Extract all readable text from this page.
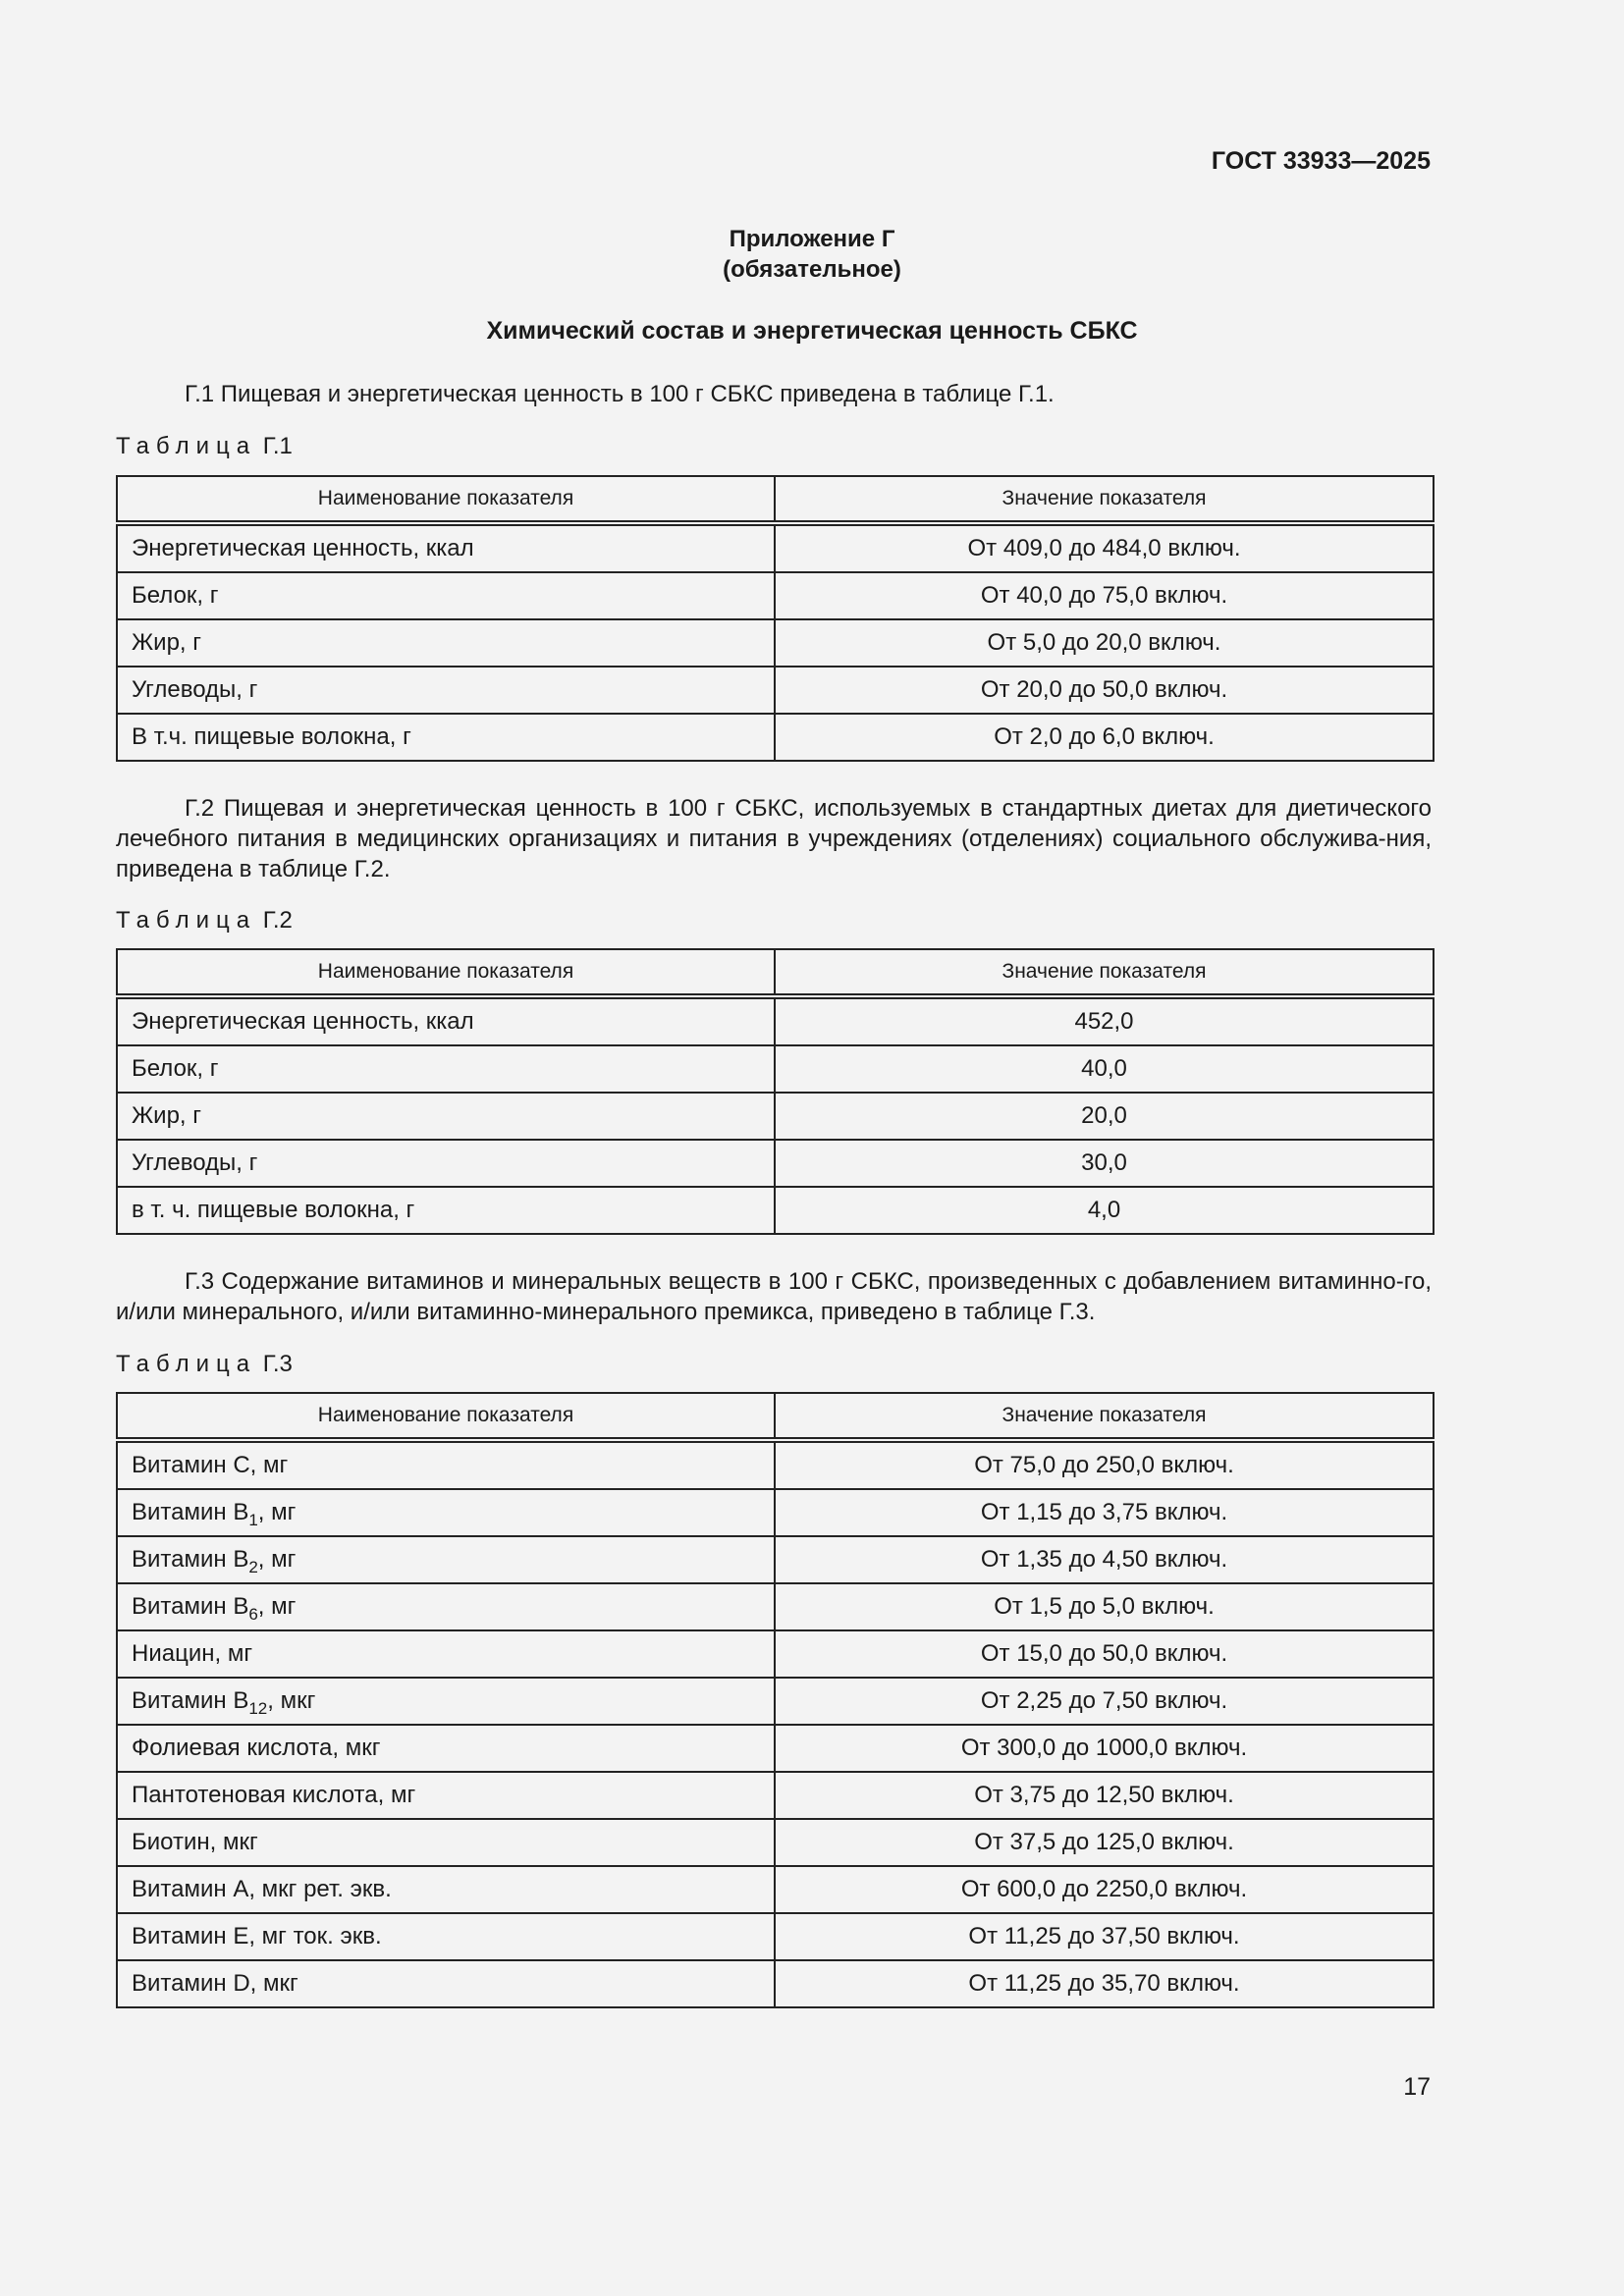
ГОСТ 33933—2025

Приложение Г
(обязательное)

Химический состав и энергетическая ценность СБКС

Г.1 Пищевая и энергетическая ценность в 100 г СБКС приведена в таблице Г.1.

Таблица Г.1

Наименование показателя	Значение показателя
Энергетическая ценность, ккал	От 409,0 до 484,0 включ.
Белок, г	От 40,0 до 75,0 включ.
Жир, г	От 5,0 до 20,0 включ.
Углеводы, г	От 20,0 до 50,0 включ.
В т.ч. пищевые волокна, г	От 2,0 до 6,0 включ.

Г.2 Пищевая и энергетическая ценность в 100 г СБКС, используемых в стандартных диетах для диетического лечебного питания в медицинских организациях и питания в учреждениях (отделениях) социального обслужива-ния, приведена в таблице Г.2.

Таблица Г.2

Наименование показателя	Значение показателя
Энергетическая ценность, ккал	452,0
Белок, г	40,0
Жир, г	20,0
Углеводы, г	30,0
в т. ч. пищевые волокна, г	4,0

Г.3 Содержание витаминов и минеральных веществ в 100 г СБКС, произведенных с добавлением витаминно-го, и/или минерального, и/или витаминно-минерального премикса, приведено в таблице Г.3.

Таблица Г.3

Наименование показателя	Значение показателя
Витамин C, мг	От 75,0 до 250,0 включ.
Витамин $B_1$, мг	От 1,15 до 3,75 включ.
Витамин $B_2$, мг	От 1,35 до 4,50 включ.
Витамин $B_6$, мг	От 1,5 до 5,0 включ.
Ниацин, мг	От 15,0 до 50,0 включ.
Витамин $B_{12}$, мкг	От 2,25 до 7,50 включ.
Фолиевая кислота, мкг	От 300,0 до 1000,0 включ.
Пантотеновая кислота, мг	От 3,75 до 12,50 включ.
Биотин, мкг	От 37,5 до 125,0 включ.
Витамин А, мкг рет. экв.	От 600,0 до 2250,0 включ.
Витамин E, мг ток. экв.	От 11,25 до 37,50 включ.
Витамин D, мкг	От 11,25 до 35,70 включ.

17
